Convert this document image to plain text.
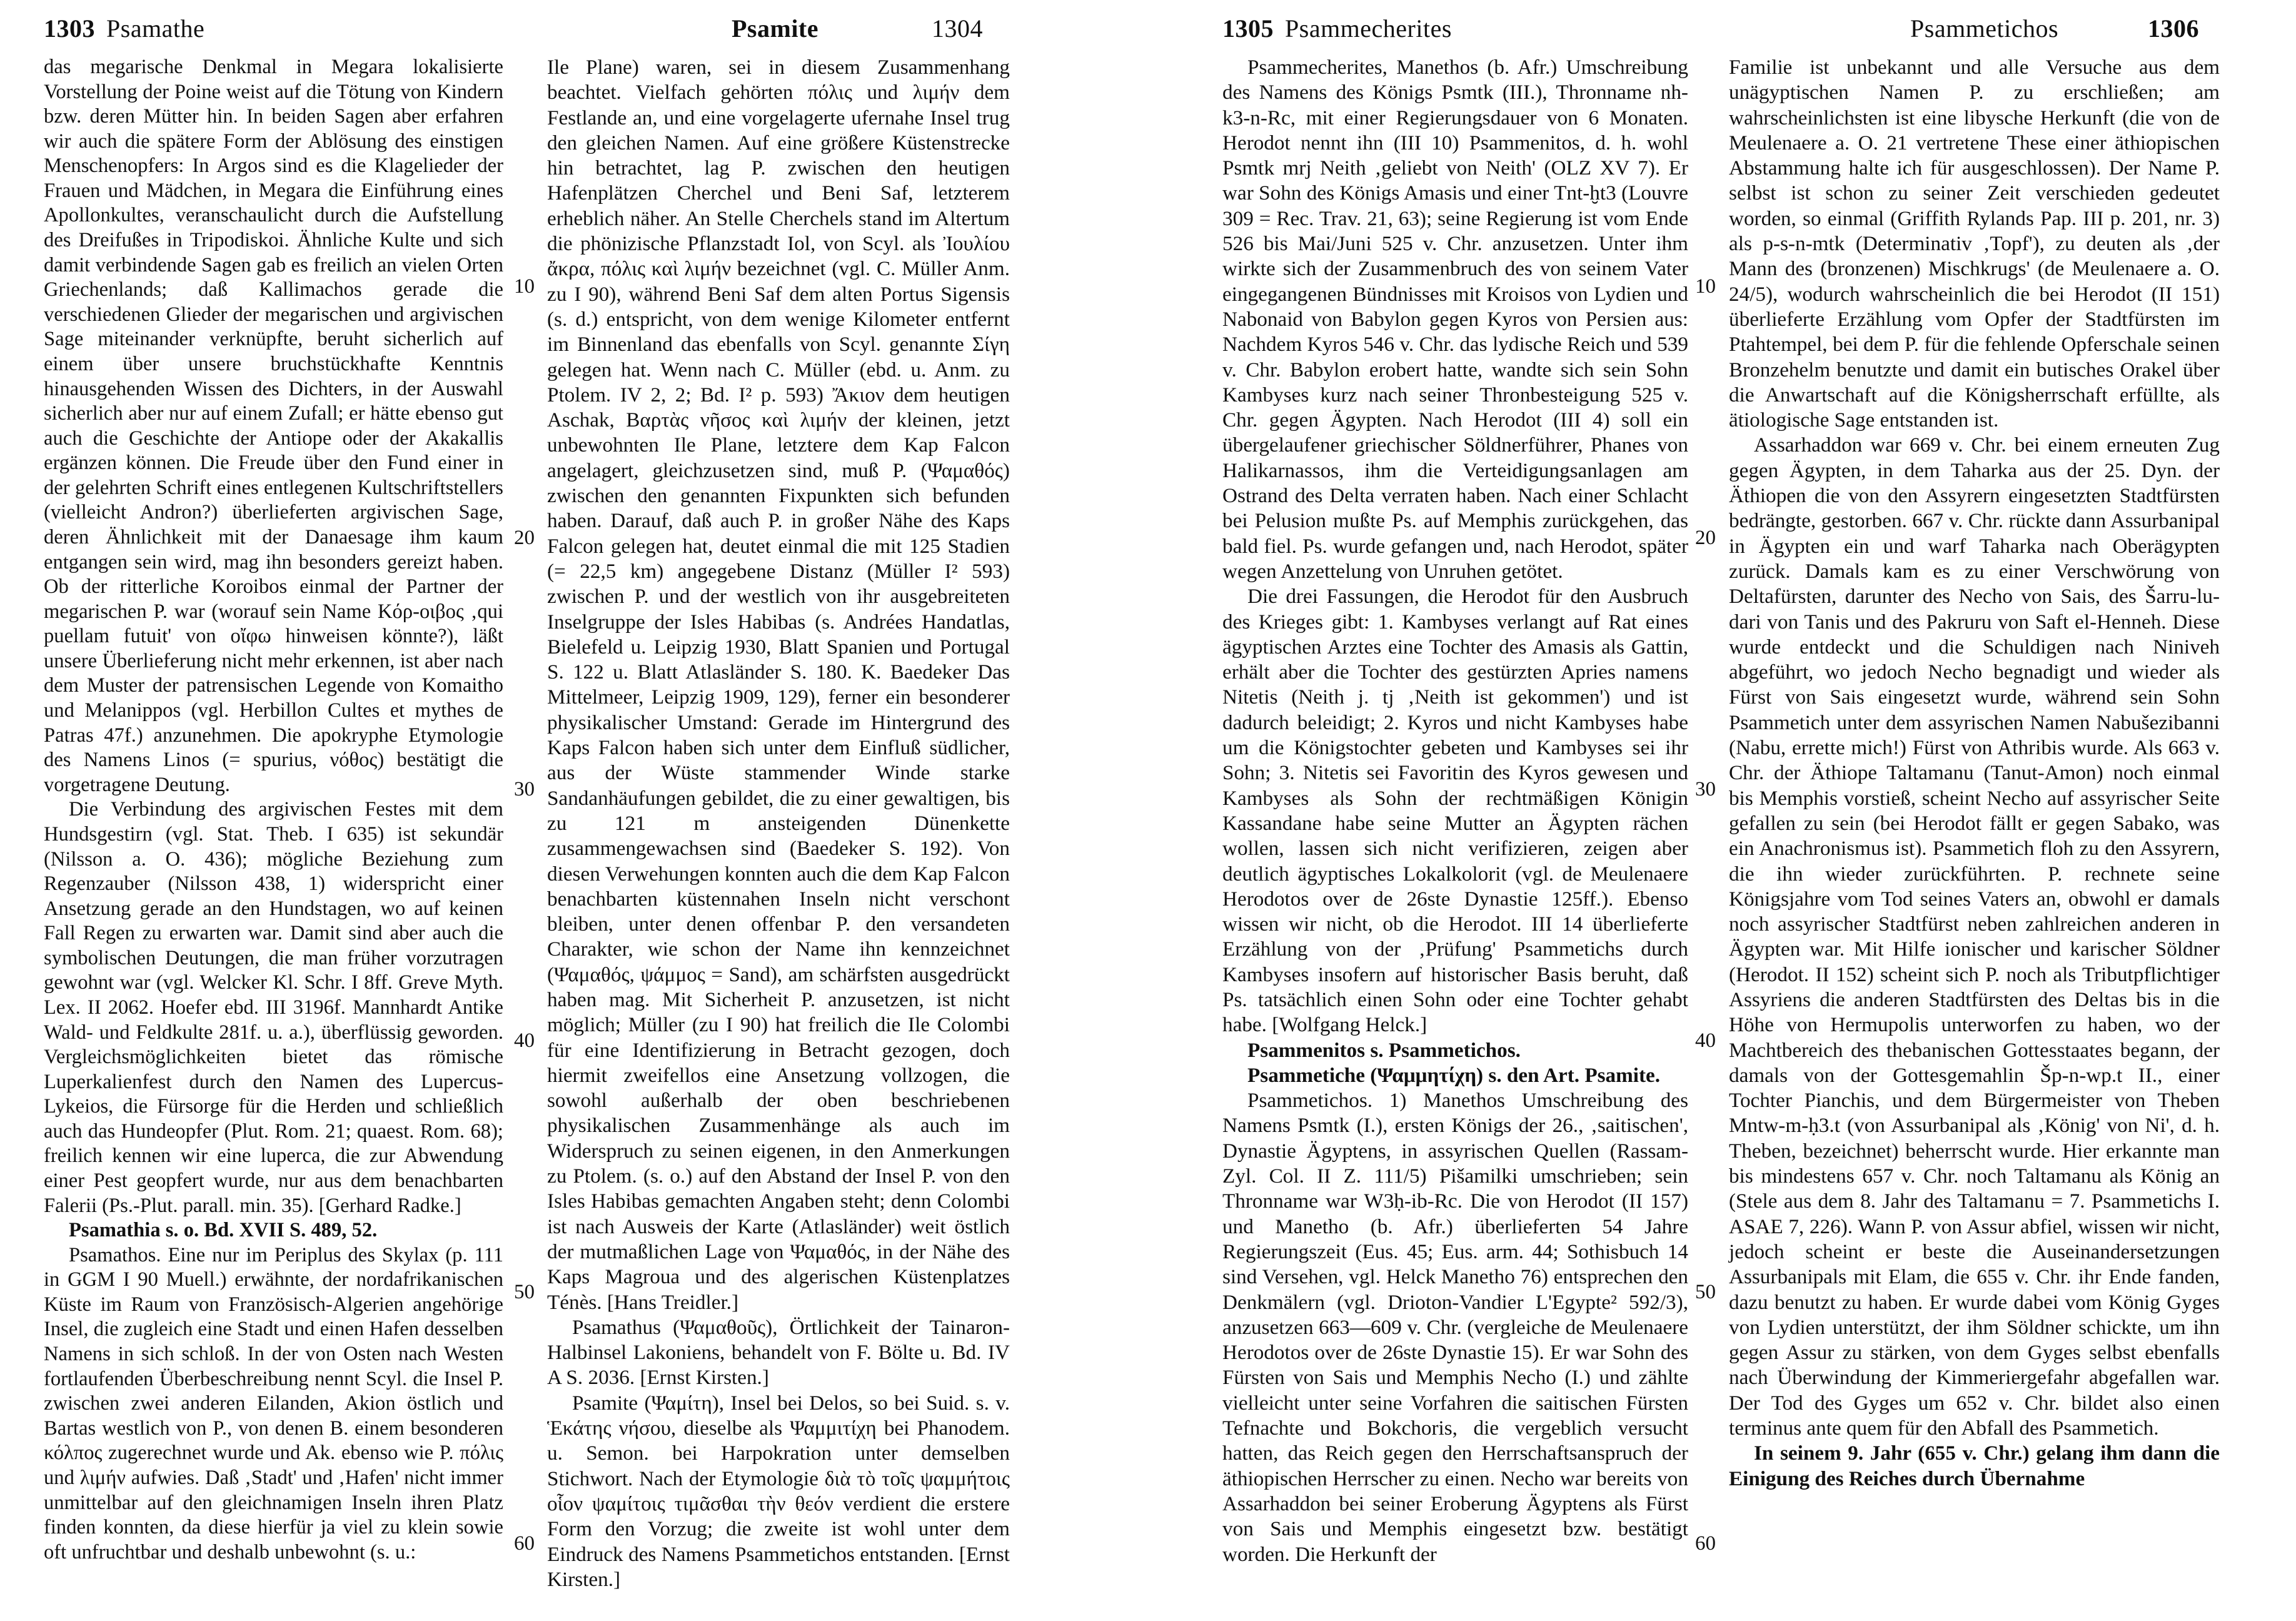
1303 Psamathe	Psamite	1304

das megarische Denkmal in Megara lokalisierte Vorstellung der Poine weist auf die Tötung von Kindern bzw. deren Mütter hin. In beiden Sagen aber erfahren wir auch die spätere Form der Ablösung des einstigen Menschenopfers: In Argos sind es die Klagelieder der Frauen und Mädchen, in Megara die Einführung eines Apollonkultes, veranschaulicht durch die Aufstellung des Dreifußes in Tripodiskoi. Ähnliche Kulte und sich damit verbindende Sagen gab es freilich an vielen Orten Griechenlands; daß Kallimachos gerade die verschiedenen Glieder der megarischen und argivischen Sage miteinander verknüpfte, beruht sicherlich auf einem über unsere bruchstückhafte Kenntnis hinausgehenden Wissen des Dichters, in der Auswahl sicherlich aber nur auf einem Zufall; er hätte ebenso gut auch die Geschichte der Antiope oder der Akakallis ergänzen können. Die Freude über den Fund einer in der gelehrten Schrift eines entlegenen Kultschriftstellers (vielleicht Andron?) überlieferten argivischen Sage, deren Ähnlichkeit mit der Danaesage ihm kaum entgangen sein wird, mag ihn besonders gereizt haben. Ob der ritterliche Koroibos einmal der Partner der megarischen P. war (worauf sein Name Κόρ-οιβος ‚qui puellam futuit' von οἴφω hinweisen könnte?), läßt unsere Überlieferung nicht mehr erkennen, ist aber nach dem Muster der patrensischen Legende von Komaitho und Melanippos (vgl. Herbillon Cultes et mythes de Patras 47f.) anzunehmen. Die apokryphe Etymologie des Namens Linos (= spurius, νόθος) bestätigt die vorgetragene Deutung.

Die Verbindung des argivischen Festes mit dem Hundsgestirn (vgl. Stat. Theb. I 635) ist sekundär (Nilsson a. O. 436); mögliche Beziehung zum Regenzauber (Nilsson 438, 1) widerspricht einer Ansetzung gerade an den Hundstagen, wo auf keinen Fall Regen zu erwarten war. Damit sind aber auch die symbolischen Deutungen, die man früher vorzutragen gewohnt war (vgl. Welcker Kl. Schr. I 8ff. Greve Myth. Lex. II 2062. Hoefer ebd. III 3196f. Mannhardt Antike Wald- und Feldkulte 281f. u. a.), überflüssig geworden. Vergleichsmöglichkeiten bietet das römische Luperkalienfest durch den Namen des Lupercus-Lykeios, die Fürsorge für die Herden und schließlich auch das Hundeopfer (Plut. Rom. 21; quaest. Rom. 68); freilich kennen wir eine luperca, die zur Abwendung einer Pest geopfert wurde, nur aus dem benachbarten Falerii (Ps.-Plut. parall. min. 35). [Gerhard Radke.]

Psamathia s. o. Bd. XVII S. 489, 52.

Psamathos. Eine nur im Periplus des Skylax (p. 111 in GGM I 90 Muell.) erwähnte, der nordafrikanischen Küste im Raum von Französisch-Algerien angehörige Insel, die zugleich eine Stadt und einen Hafen desselben Namens in sich schloß. In der von Osten nach Westen fortlaufenden Überbeschreibung nennt Scyl. die Insel P. zwischen zwei anderen Eilanden, Akion östlich und Bartas westlich von P., von denen B. einem besonderen κόλπος zugerechnet wurde und Ak. ebenso wie P. πόλις und λιμήν aufwies. Daß ‚Stadt' und ‚Hafen' nicht immer unmittelbar auf den gleichnamigen Inseln ihren Platz finden konnten, da diese hierfür ja viel zu klein sowie oft unfruchtbar und deshalb unbewohnt (s. u.:

10
20
30
40
50
60

Ile Plane) waren, sei in diesem Zusammenhang beachtet. Vielfach gehörten πόλις und λιμήν dem Festlande an, und eine vorgelagerte ufernahe Insel trug den gleichen Namen. Auf eine größere Küstenstrecke hin betrachtet, lag P. zwischen den heutigen Hafenplätzen Cherchel und Beni Saf, letzterem erheblich näher. An Stelle Cherchels stand im Altertum die phönizische Pflanzstadt Iol, von Scyl. als Ἰουλίου ἄκρα, πόλις καὶ λιμήν bezeichnet (vgl. C. Müller Anm. zu I 90), während Beni Saf dem alten Portus Sigensis (s. d.) entspricht, von dem wenige Kilometer entfernt im Binnenland das ebenfalls von Scyl. genannte Σίγη gelegen hat. Wenn nach C. Müller (ebd. u. Anm. zu Ptolem. IV 2, 2; Bd. I² p. 593) Ἄκιον dem heutigen Aschak, Βαρτὰς νῆσος καὶ λιμήν der kleinen, jetzt unbewohnten Ile Plane, letztere dem Kap Falcon angelagert, gleichzusetzen sind, muß P. (Ψαμαθός) zwischen den genannten Fixpunkten sich befunden haben. Darauf, daß auch P. in großer Nähe des Kaps Falcon gelegen hat, deutet einmal die mit 125 Stadien (= 22,5 km) angegebene Distanz (Müller I² 593) zwischen P. und der westlich von ihr ausgebreiteten Inselgruppe der Isles Habibas (s. Andrées Handatlas, Bielefeld u. Leipzig 1930, Blatt Spanien und Portugal S. 122 u. Blatt Atlasländer S. 180. K. Baedeker Das Mittelmeer, Leipzig 1909, 129), ferner ein besonderer physikalischer Umstand: Gerade im Hintergrund des Kaps Falcon haben sich unter dem Einfluß südlicher, aus der Wüste stammender Winde starke Sandanhäufungen gebildet, die zu einer gewaltigen, bis zu 121 m ansteigenden Dünenkette zusammengewachsen sind (Baedeker S. 192). Von diesen Verwehungen konnten auch die dem Kap Falcon benachbarten küstennahen Inseln nicht verschont bleiben, unter denen offenbar P. den versandeten Charakter, wie schon der Name ihn kennzeichnet (Ψαμαθός, ψάμμος = Sand), am schärfsten ausgedrückt haben mag. Mit Sicherheit P. anzusetzen, ist nicht möglich; Müller (zu I 90) hat freilich die Ile Colombi für eine Identifizierung in Betracht gezogen, doch hiermit zweifellos eine Ansetzung vollzogen, die sowohl außerhalb der oben beschriebenen physikalischen Zusammenhänge als auch im Widerspruch zu seinen eigenen, in den Anmerkungen zu Ptolem. (s. o.) auf den Abstand der Insel P. von den Isles Habibas gemachten Angaben steht; denn Colombi ist nach Ausweis der Karte (Atlasländer) weit östlich der mutmaßlichen Lage von Ψαμαθός, in der Nähe des Kaps Magroua und des algerischen Küstenplatzes Ténès. [Hans Treidler.]

Psamathus (Ψαμαθοῦς), Örtlichkeit der Tainaron-Halbinsel Lakoniens, behandelt von F. Bölte u. Bd. IV A S. 2036. [Ernst Kirsten.]

Psamite (Ψαμίτη), Insel bei Delos, so bei Suid. s. v. Ἑκάτης νήσου, dieselbe als Ψαμμιτίχη bei Phanodem. u. Semon. bei Harpokration unter demselben Stichwort. Nach der Etymologie διὰ τὸ τοῖς ψαμμήτοις οἷον ψαμίτοις τιμᾶσθαι τὴν θεόν verdient die erstere Form den Vorzug; die zweite ist wohl unter dem Eindruck des Namens Psammetichos entstanden. [Ernst Kirsten.]

1305 Psammecherites	Psammetichos	1306

Psammecherites, Manethos (b. Afr.) Umschreibung des Namens des Königs Psmtk (III.), Thronname nh-k3-n-Rc, mit einer Regierungsdauer von 6 Monaten. Herodot nennt ihn (III 10) Psammenitos, d. h. wohl Psmtk mrj Neith ‚geliebt von Neith' (OLZ XV 7). Er war Sohn des Königs Amasis und einer Tnt-ḫt3 (Louvre 309 = Rec. Trav. 21, 63); seine Regierung ist vom Ende 526 bis Mai/Juni 525 v. Chr. anzusetzen. Unter ihm wirkte sich der Zusammenbruch des von seinem Vater eingegangenen Bündnisses mit Kroisos von Lydien und Nabonaid von Babylon gegen Kyros von Persien aus: Nachdem Kyros 546 v. Chr. das lydische Reich und 539 v. Chr. Babylon erobert hatte, wandte sich sein Sohn Kambyses kurz nach seiner Thronbesteigung 525 v. Chr. gegen Ägypten. Nach Herodot (III 4) soll ein übergelaufener griechischer Söldnerführer, Phanes von Halikarnassos, ihm die Verteidigungsanlagen am Ostrand des Delta verraten haben. Nach einer Schlacht bei Pelusion mußte Ps. auf Memphis zurückgehen, das bald fiel. Ps. wurde gefangen und, nach Herodot, später wegen Anzettelung von Unruhen getötet.

Die drei Fassungen, die Herodot für den Ausbruch des Krieges gibt: 1. Kambyses verlangt auf Rat eines ägyptischen Arztes eine Tochter des Amasis als Gattin, erhält aber die Tochter des gestürzten Apries namens Nitetis (Neith j. tj ‚Neith ist gekommen') und ist dadurch beleidigt; 2. Kyros und nicht Kambyses habe um die Königstochter gebeten und Kambyses sei ihr Sohn; 3. Nitetis sei Favoritin des Kyros gewesen und Kambyses als Sohn der rechtmäßigen Königin Kassandane habe seine Mutter an Ägypten rächen wollen, lassen sich nicht verifizieren, zeigen aber deutlich ägyptisches Lokalkolorit (vgl. de Meulenaere Herodotos over de 26ste Dynastie 125ff.). Ebenso wissen wir nicht, ob die Herodot. III 14 überlieferte Erzählung von der ‚Prüfung' Psammetichs durch Kambyses insofern auf historischer Basis beruht, daß Ps. tatsächlich einen Sohn oder eine Tochter gehabt habe. [Wolfgang Helck.]

Psammenitos s. Psammetichos.

Psammetiche (Ψαμμητίχη) s. den Art. Psamite.

Psammetichos. 1) Manethos Umschreibung des Namens Psmtk (I.), ersten Königs der 26., ‚saitischen', Dynastie Ägyptens, in assyrischen Quellen (Rassam-Zyl. Col. II Z. 111/5) Pišamilki umschrieben; sein Thronname war W3ḥ-ib-Rc. Die von Herodot (II 157) und Manetho (b. Afr.) überlieferten 54 Jahre Regierungszeit (Eus. 45; Eus. arm. 44; Sothisbuch 14 sind Versehen, vgl. Helck Manetho 76) entsprechen den Denkmälern (vgl. Drioton-Vandier L'Egypte² 592/3), anzusetzen 663—609 v. Chr. (vergleiche de Meulenaere Herodotos over de 26ste Dynastie 15). Er war Sohn des Fürsten von Sais und Memphis Necho (I.) und zählte vielleicht unter seine Vorfahren die saitischen Fürsten Tefnachte und Bokchoris, die vergeblich versucht hatten, das Reich gegen den Herrschaftsanspruch der äthiopischen Herrscher zu einen. Necho war bereits von Assarhaddon bei seiner Eroberung Ägyptens als Fürst von Sais und Memphis eingesetzt bzw. bestätigt worden. Die Herkunft der

10
20
30
40
50
60

Familie ist unbekannt und alle Versuche aus dem unägyptischen Namen P. zu erschließen; am wahrscheinlichsten ist eine libysche Herkunft (die von de Meulenaere a. O. 21 vertretene These einer äthiopischen Abstammung halte ich für ausgeschlossen). Der Name P. selbst ist schon zu seiner Zeit verschieden gedeutet worden, so einmal (Griffith Rylands Pap. III p. 201, nr. 3) als p-s-n-mtk (Determinativ ‚Topf'), zu deuten als ‚der Mann des (bronzenen) Mischkrugs' (de Meulenaere a. O. 24/5), wodurch wahrscheinlich die bei Herodot (II 151) überlieferte Erzählung vom Opfer der Stadtfürsten im Ptahtempel, bei dem P. für die fehlende Opferschale seinen Bronzehelm benutzte und damit ein butisches Orakel über die Anwartschaft auf die Königsherrschaft erfüllte, als ätiologische Sage entstanden ist.

Assarhaddon war 669 v. Chr. bei einem erneuten Zug gegen Ägypten, in dem Taharka aus der 25. Dyn. der Äthiopen die von den Assyrern eingesetzten Stadtfürsten bedrängte, gestorben. 667 v. Chr. rückte dann Assurbanipal in Ägypten ein und warf Taharka nach Oberägypten zurück. Damals kam es zu einer Verschwörung von Deltafürsten, darunter des Necho von Sais, des Šarru-lu-dari von Tanis und des Pakruru von Saft el-Henneh. Diese wurde entdeckt und die Schuldigen nach Niniveh abgeführt, wo jedoch Necho begnadigt und wieder als Fürst von Sais eingesetzt wurde, während sein Sohn Psammetich unter dem assyrischen Namen Nabušezibanni (Nabu, errette mich!) Fürst von Athribis wurde. Als 663 v. Chr. der Äthiope Taltamanu (Tanut-Amon) noch einmal bis Memphis vorstieß, scheint Necho auf assyrischer Seite gefallen zu sein (bei Herodot fällt er gegen Sabako, was ein Anachronismus ist). Psammetich floh zu den Assyrern, die ihn wieder zurückführten. P. rechnete seine Königsjahre vom Tod seines Vaters an, obwohl er damals noch assyrischer Stadtfürst neben zahlreichen anderen in Ägypten war. Mit Hilfe ionischer und karischer Söldner (Herodot. II 152) scheint sich P. noch als Tributpflichtiger Assyriens die anderen Stadtfürsten des Deltas bis in die Höhe von Hermupolis unterworfen zu haben, wo der Machtbereich des thebanischen Gottesstaates begann, der damals von der Gottesgemahlin Šp-n-wp.t II., einer Tochter Pianchis, und dem Bürgermeister von Theben Mntw-m-ḥ3.t (von Assurbanipal als ‚König' von Ni', d. h. Theben, bezeichnet) beherrscht wurde. Hier erkannte man bis mindestens 657 v. Chr. noch Taltamanu als König an (Stele aus dem 8. Jahr des Taltamanu = 7. Psammetichs I. ASAE 7, 226). Wann P. von Assur abfiel, wissen wir nicht, jedoch scheint er beste die Auseinandersetzungen Assurbanipals mit Elam, die 655 v. Chr. ihr Ende fanden, dazu benutzt zu haben. Er wurde dabei vom König Gyges von Lydien unterstützt, der ihm Söldner schickte, um ihn gegen Assur zu stärken, von dem Gyges selbst ebenfalls nach Überwindung der Kimmeriergefahr abgefallen war. Der Tod des Gyges um 652 v. Chr. bildet also einen terminus ante quem für den Abfall des Psammetich.

In seinem 9. Jahr (655 v. Chr.) gelang ihm dann die Einigung des Reiches durch Übernahme
